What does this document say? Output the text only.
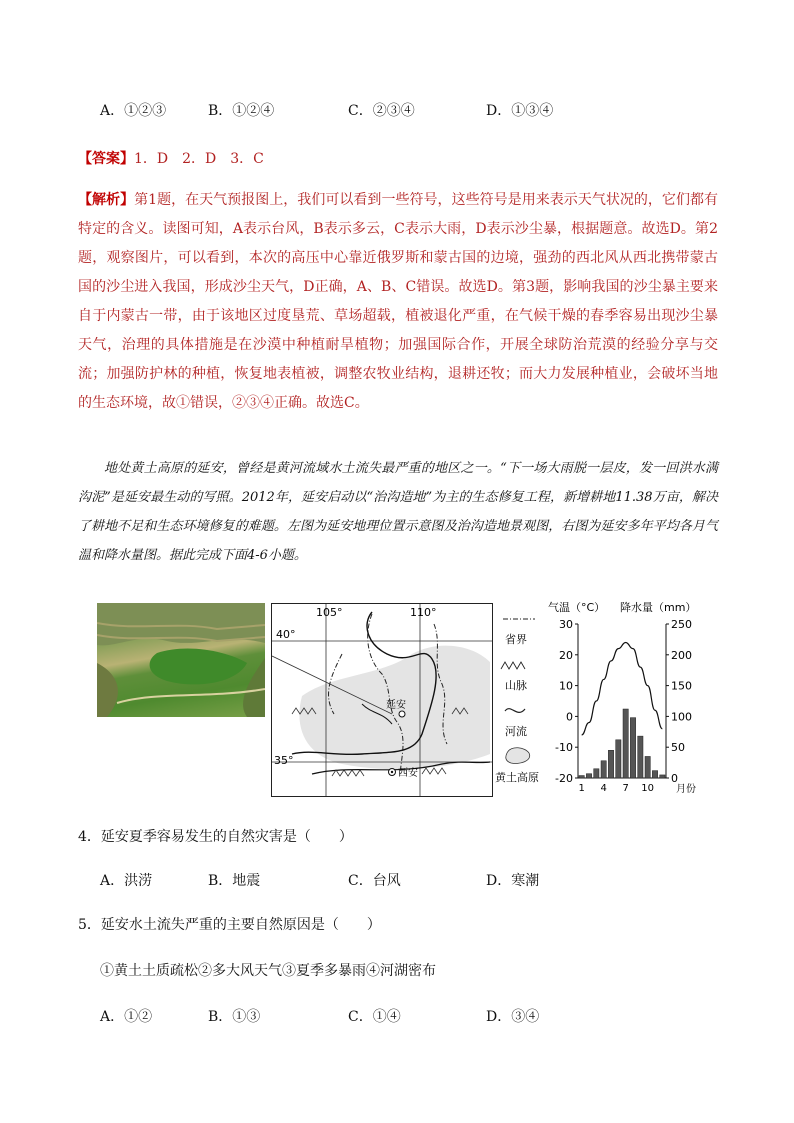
A．①②③	B．①②④	C．②③④	D．①③④
【答案】1．D　2．D　3．C
【解析】第1题，在天气预报图上，我们可以看到一些符号，这些符号是用来表示天气状况的，它们都有特定的含义。读图可知，A表示台风，B表示多云，C表示大雨，D表示沙尘暴，根据题意。故选D。第2题，观察图片，可以看到，本次的高压中心靠近俄罗斯和蒙古国的边境，强劲的西北风从西北携带蒙古国的沙尘进入我国，形成沙尘天气，D正确，A、B、C错误。故选D。第3题，影响我国的沙尘暴主要来自于内蒙古一带，由于该地区过度垦荒、草场超载，植被退化严重，在气候干燥的春季容易出现沙尘暴天气，治理的具体措施是在沙漠中种植耐旱植物；加强国际合作，开展全球防治荒漠的经验分享与交流；加强防护林的种植，恢复地表植被，调整农牧业结构，退耕还牧；而大力发展种植业，会破坏当地的生态环境，故①错误，②③④正确。故选C。
地处黄土高原的延安，曾经是黄河流域水土流失最严重的地区之一。“下一场大雨脱一层皮，发一回洪水满沟泥”是延安最生动的写照。2012年，延安启动以“治沟造地”为主的生态修复工程，新增耕地11.38万亩，解决了耕地不足和生态环境修复的难题。左图为延安地理位置示意图及治沟造地景观图，右图为延安多年平均各月气温和降水量图。据此完成下面4-6小题。
105°	110°
40°
35°
延安
西安
省界
山脉
河流
黄土高原
气温（°C） 降水量（mm）
30
20
10
0
-10
-20
250
200
150
100
50
0
1 4 7 10 月份
4．延安夏季容易发生的自然灾害是（　　）
A．洪涝	B．地震	C．台风	D．寒潮
5．延安水土流失严重的主要自然原因是（　　）
①黄土土质疏松②多大风天气③夏季多暴雨④河湖密布
A．①②	B．①③	C．①④	D．③④
